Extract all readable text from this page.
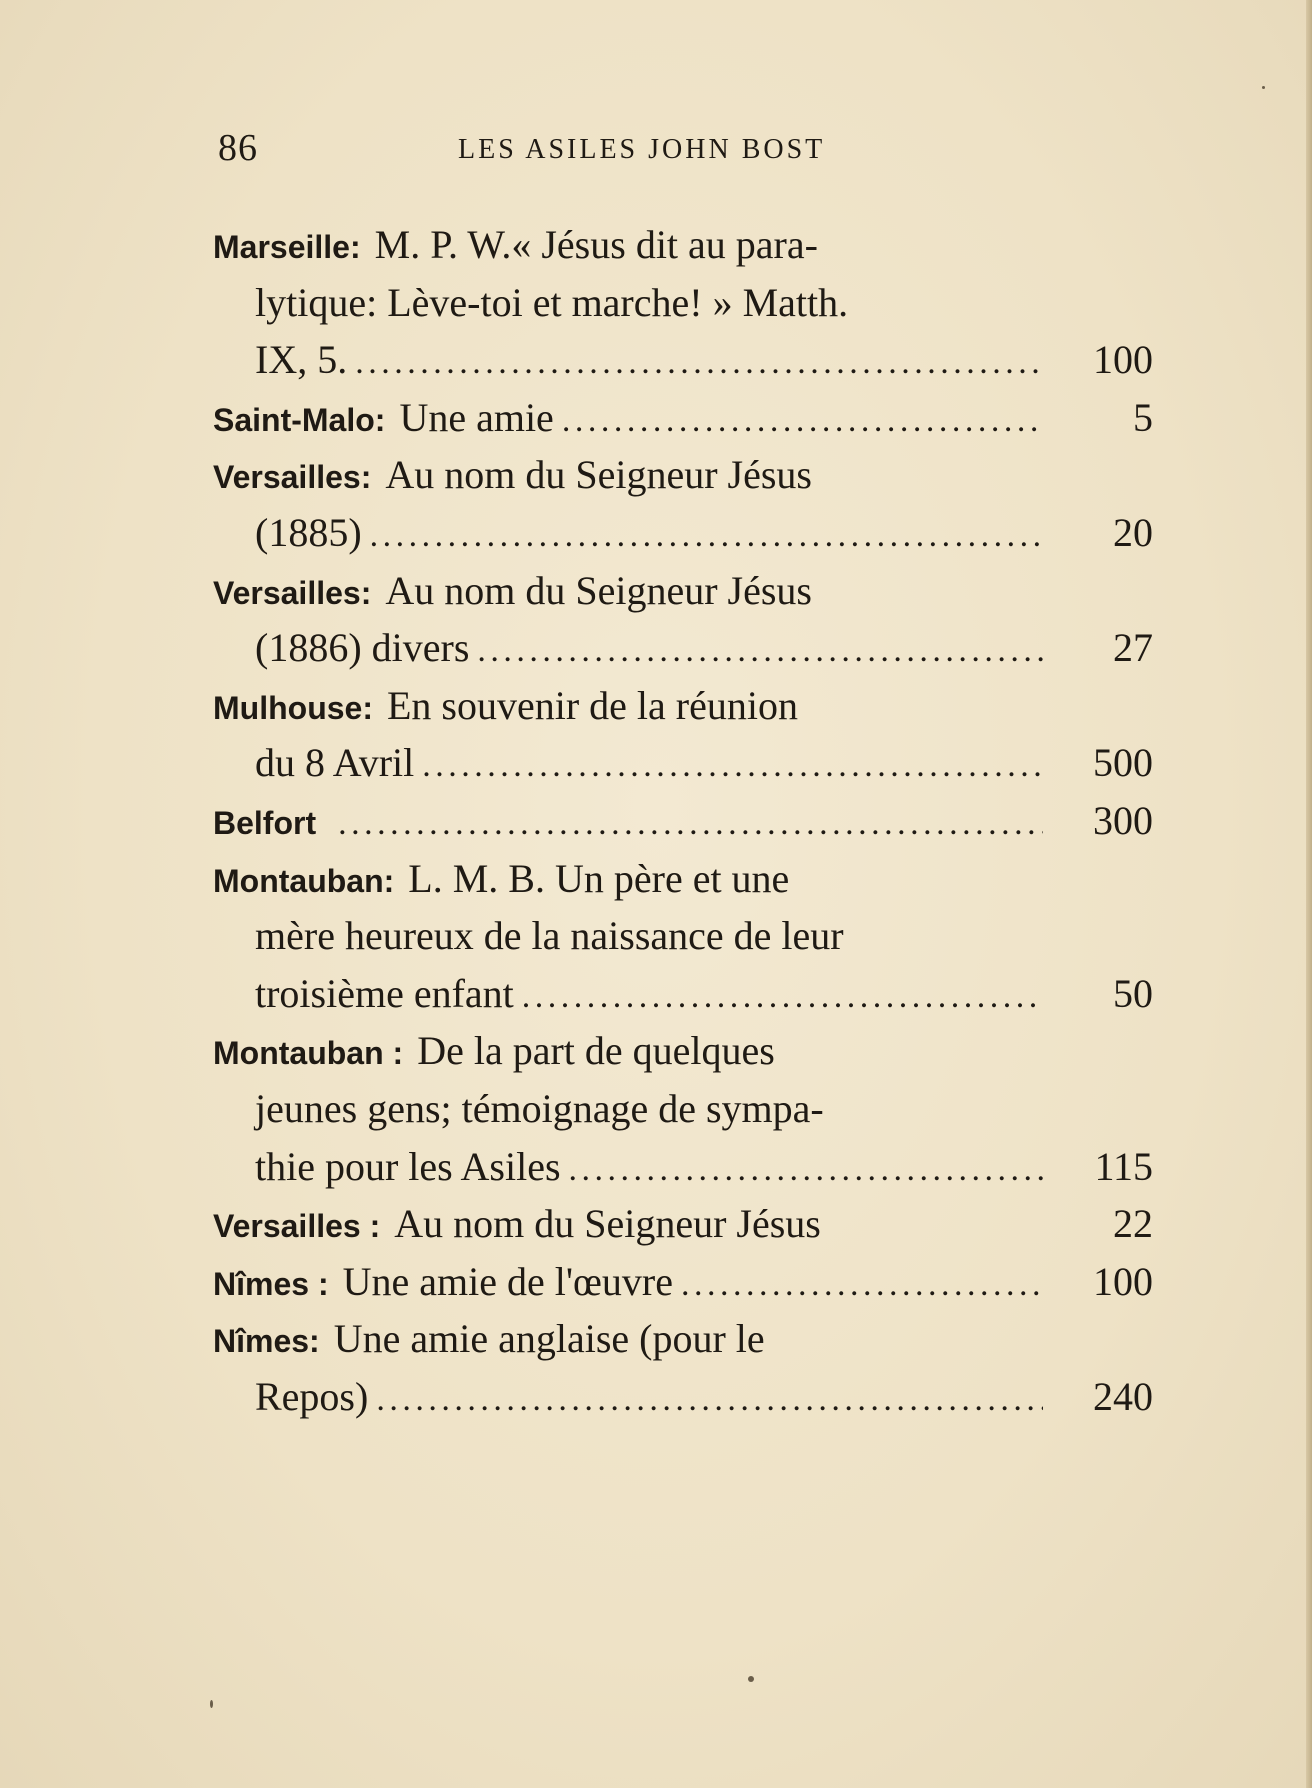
86	LES ASILES JOHN BOST
Marseille: M. P. W.« Jésus dit au para-
lytique: Lève-toi et marche! » Matth.
IX, 5. . . .	100
Saint-Malo: Une amie . . .	5
Versailles: Au nom du Seigneur Jésus
(1885) . . .	20
Versailles: Au nom du Seigneur Jésus
(1886) divers . . .	27
Mulhouse: En souvenir de la réunion
du 8 Avril . . .	500
Belfort . . .	300
Montauban: L. M. B. Un père et une
mère heureux de la naissance de leur
troisième enfant . . .	50
Montauban : De la part de quelques
jeunes gens; témoignage de sympa-
thie pour les Asiles . . .	115
Versailles : Au nom du Seigneur Jésus	22
Nîmes : Une amie de l'œuvre . . .	100
Nîmes: Une amie anglaise (pour le
Repos) . . .	240
